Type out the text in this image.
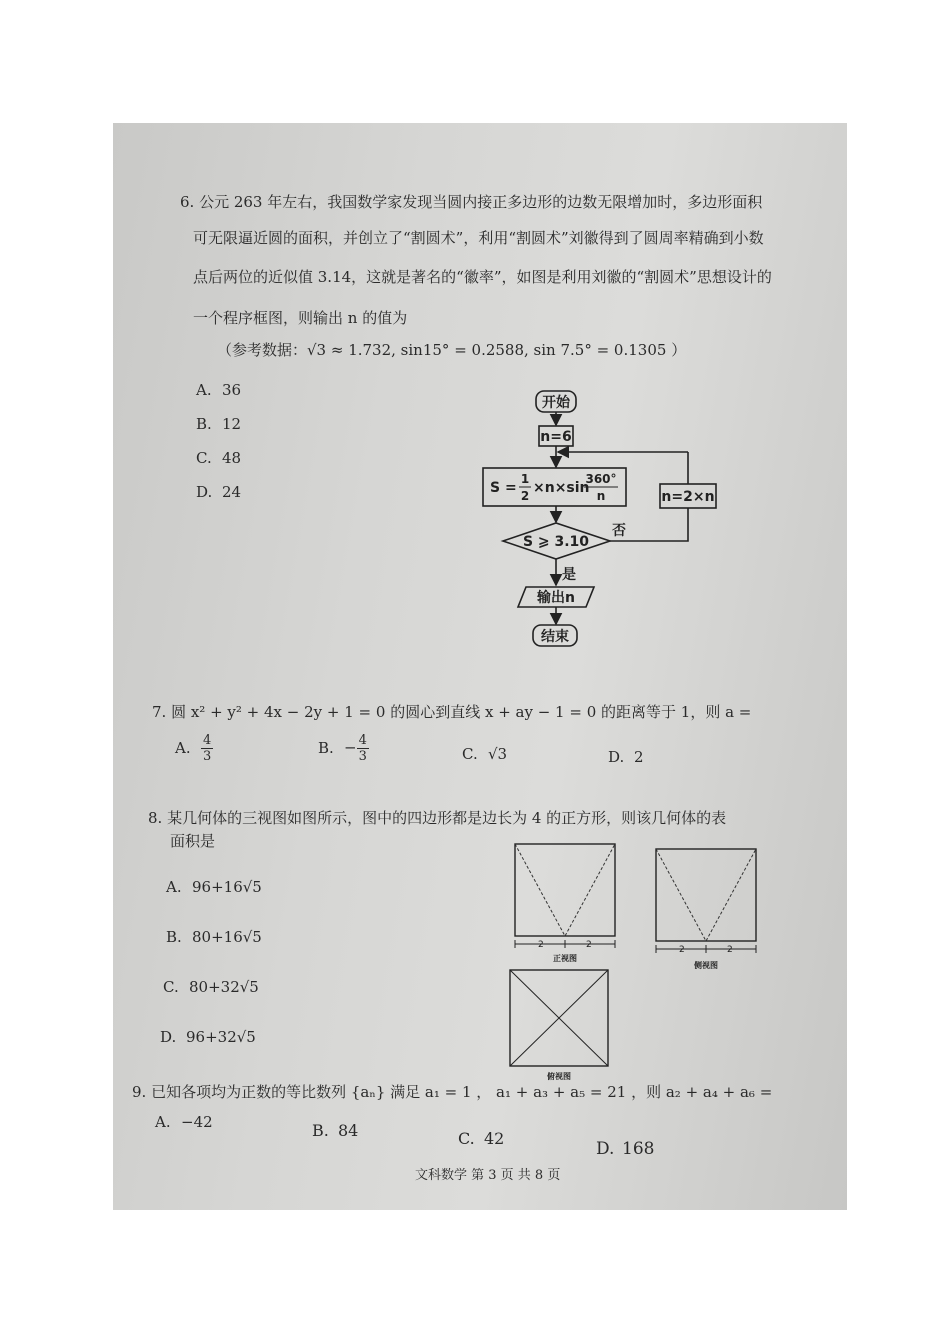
6. 公元 263 年左右，我国数学家发现当圆内接正多边形的边数无限增加时，多边形面积
可无限逼近圆的面积，并创立了“割圆术”，利用“割圆术”刘徽得到了圆周率精确到小数
点后两位的近似值 3.14，这就是著名的“徽率”，如图是利用刘徽的“割圆术”思想设计的
一个程序框图，则输出 n 的值为
（参考数据：√3 ≈ 1.732, sin15° = 0.2588, sin 7.5° = 0.1305 ）
A. 36
B. 12
C. 48
D. 24
开始
n=6
S =
1
2 ×n×sin
360°
n	n=2×n
S ⩾ 3.10
否
是
输出n
结束
7. 圆 x² + y² + 4x − 2y + 1 = 0 的圆心到直线 x + ay − 1 = 0 的距离等于 1，则 a =
A. $\frac{4}{3}$	B. − $\frac{4}{3}$	C. √3	D. 2
8. 某几何体的三视图如图所示，图中的四边形都是边长为 4 的正方形，则该几何体的表
面积是
A. 96+16√5
B. 80+16√5
C. 80+32√5
D. 96+32√5
2	2
正视图
2	2
侧视图
俯视图
9. 已知各项均为正数的等比数列 {aₙ} 满足 a₁ = 1 ， a₁ + a₃ + a₅ = 21 ，则 a₂ + a₄ + a₆ =
A. −42	B. 84	C. 42
D. 168
文科数学 第 3 页 共 8 页
